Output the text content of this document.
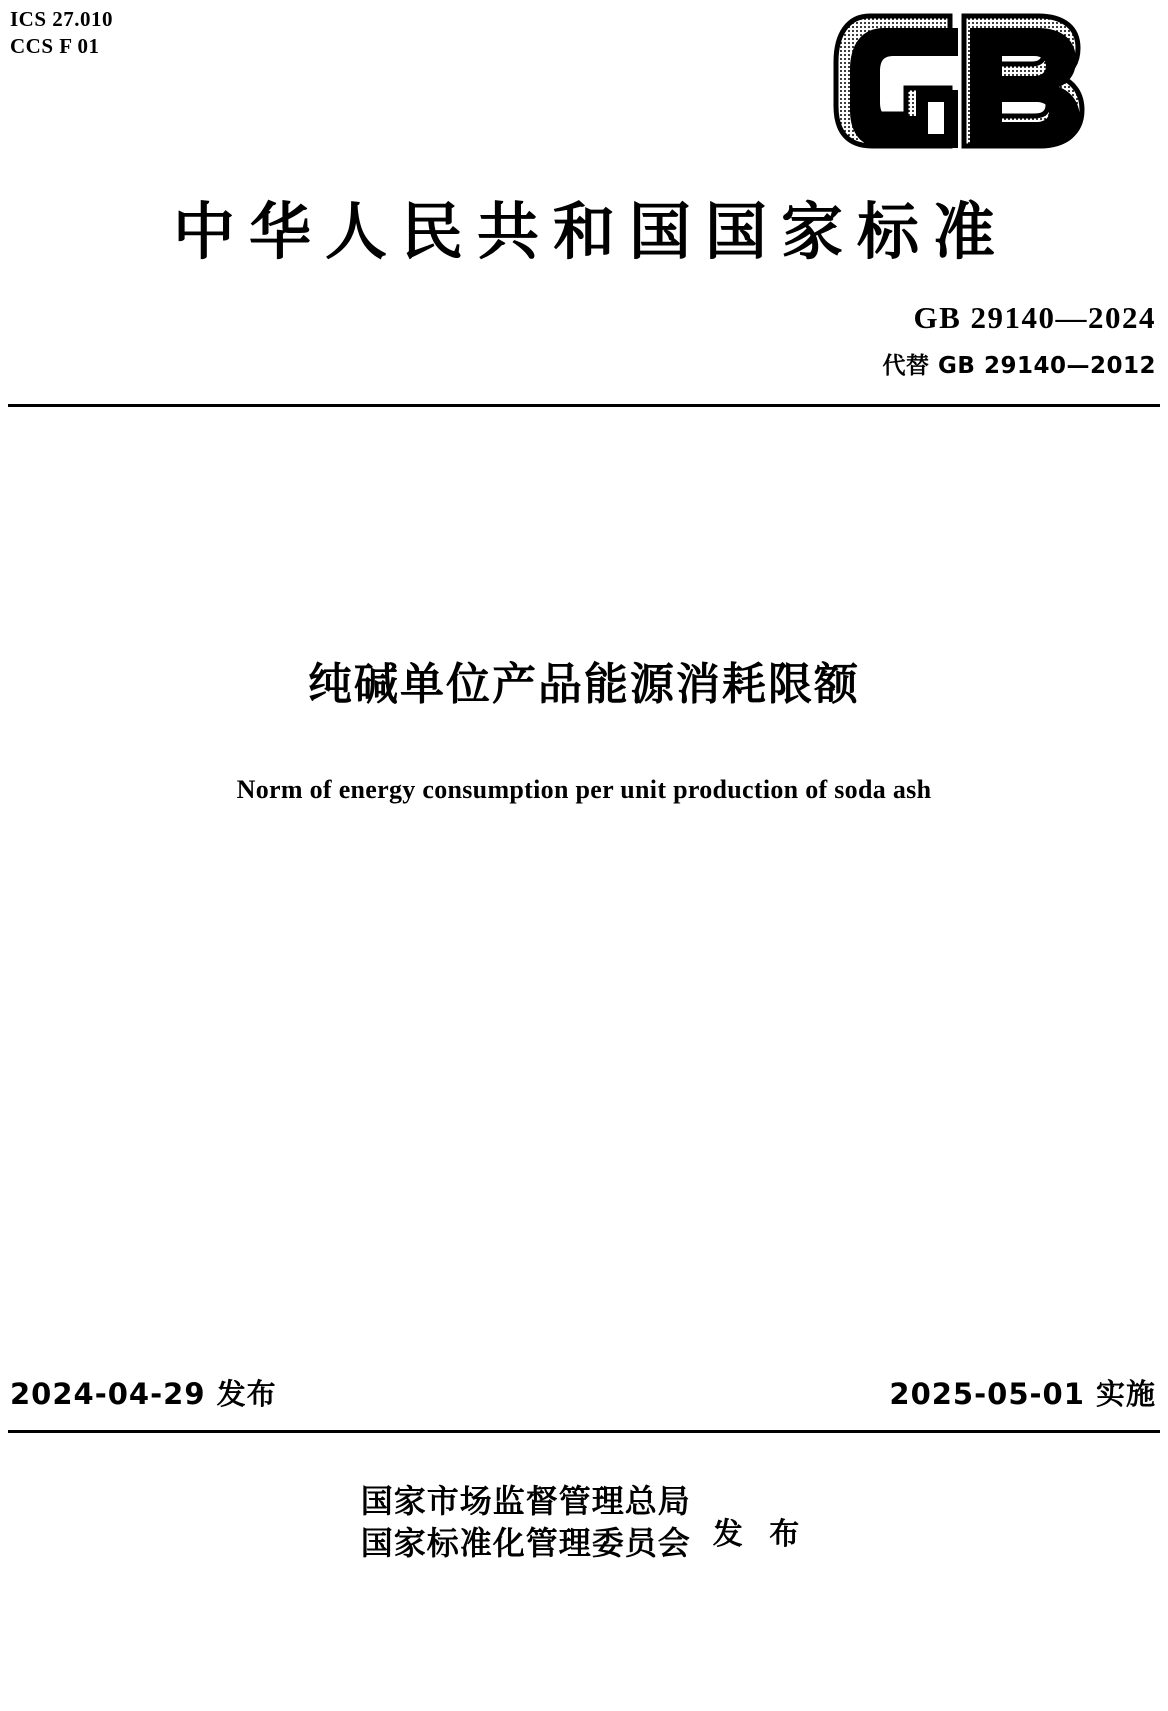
ICS 27.010
CCS F 01
中华人民共和国国家标准
GB 29140—2024
代替 GB 29140—2012
纯碱单位产品能源消耗限额
Norm of energy consumption per unit production of soda ash
2024-04-29 发布	2025-05-01 实施
国家市场监督管理总局
国家标准化管理委员会 发 布
